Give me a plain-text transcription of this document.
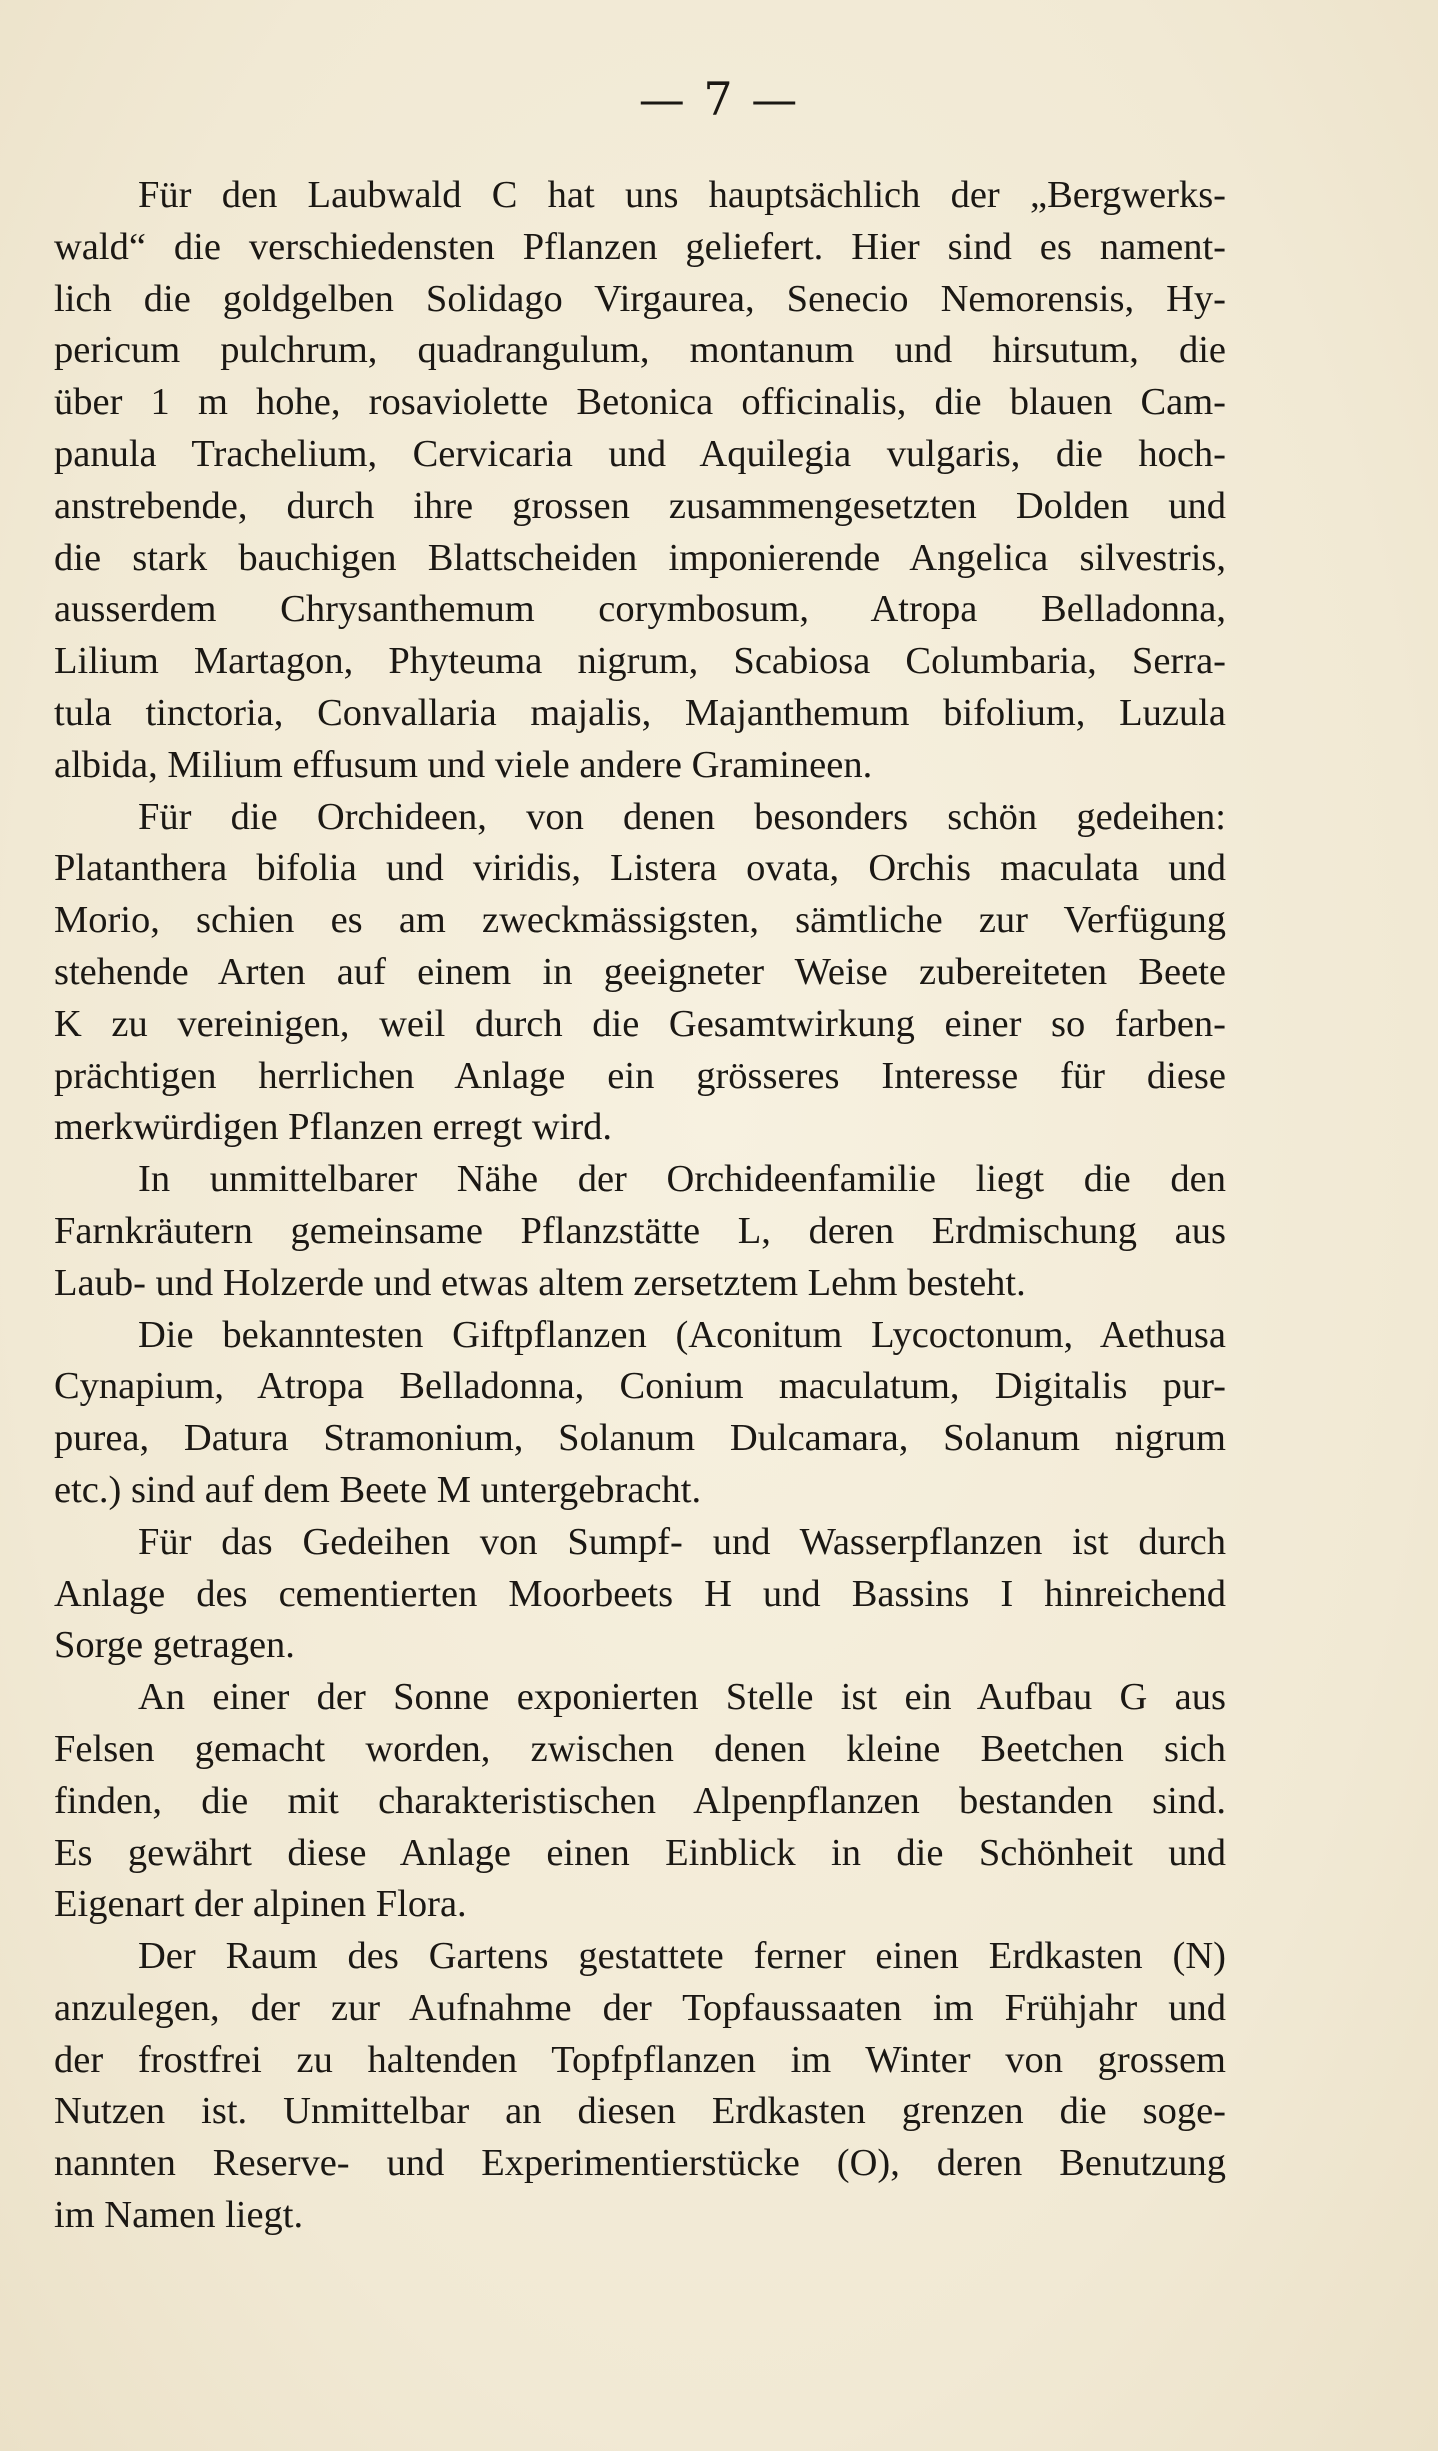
— 7 —
Für den Laubwald C hat uns hauptsächlich der „Bergwerks-
wald“ die verschiedensten Pflanzen geliefert. Hier sind es nament-
lich die goldgelben Solidago Virgaurea, Senecio Nemorensis, Hy-
pericum pulchrum, quadrangulum, montanum und hirsutum, die
über 1 m hohe, rosaviolette Betonica officinalis, die blauen Cam-
panula Trachelium, Cervicaria und Aquilegia vulgaris, die hoch-
anstrebende, durch ihre grossen zusammengesetzten Dolden und
die stark bauchigen Blattscheiden imponierende Angelica silvestris,
ausserdem Chrysanthemum corymbosum, Atropa Belladonna,
Lilium Martagon, Phyteuma nigrum, Scabiosa Columbaria, Serra-
tula tinctoria, Convallaria majalis, Majanthemum bifolium, Luzula
albida, Milium effusum und viele andere Gramineen.
Für die Orchideen, von denen besonders schön gedeihen:
Platanthera bifolia und viridis, Listera ovata, Orchis maculata und
Morio, schien es am zweckmässigsten, sämtliche zur Verfügung
stehende Arten auf einem in geeigneter Weise zubereiteten Beete
K zu vereinigen, weil durch die Gesamtwirkung einer so farben-
prächtigen herrlichen Anlage ein grösseres Interesse für diese
merkwürdigen Pflanzen erregt wird.
In unmittelbarer Nähe der Orchideenfamilie liegt die den
Farnkräutern gemeinsame Pflanzstätte L, deren Erdmischung aus
Laub- und Holzerde und etwas altem zersetztem Lehm besteht.
Die bekanntesten Giftpflanzen (Aconitum Lycoctonum, Aethusa
Cynapium, Atropa Belladonna, Conium maculatum, Digitalis pur-
purea, Datura Stramonium, Solanum Dulcamara, Solanum nigrum
etc.) sind auf dem Beete M untergebracht.
Für das Gedeihen von Sumpf- und Wasserpflanzen ist durch
Anlage des cementierten Moorbeets H und Bassins I hinreichend
Sorge getragen.
An einer der Sonne exponierten Stelle ist ein Aufbau G aus
Felsen gemacht worden, zwischen denen kleine Beetchen sich
finden, die mit charakteristischen Alpenpflanzen bestanden sind.
Es gewährt diese Anlage einen Einblick in die Schönheit und
Eigenart der alpinen Flora.
Der Raum des Gartens gestattete ferner einen Erdkasten (N)
anzulegen, der zur Aufnahme der Topfaussaaten im Frühjahr und
der frostfrei zu haltenden Topfpflanzen im Winter von grossem
Nutzen ist. Unmittelbar an diesen Erdkasten grenzen die soge-
nannten Reserve- und Experimentierstücke (O), deren Benutzung
im Namen liegt.
